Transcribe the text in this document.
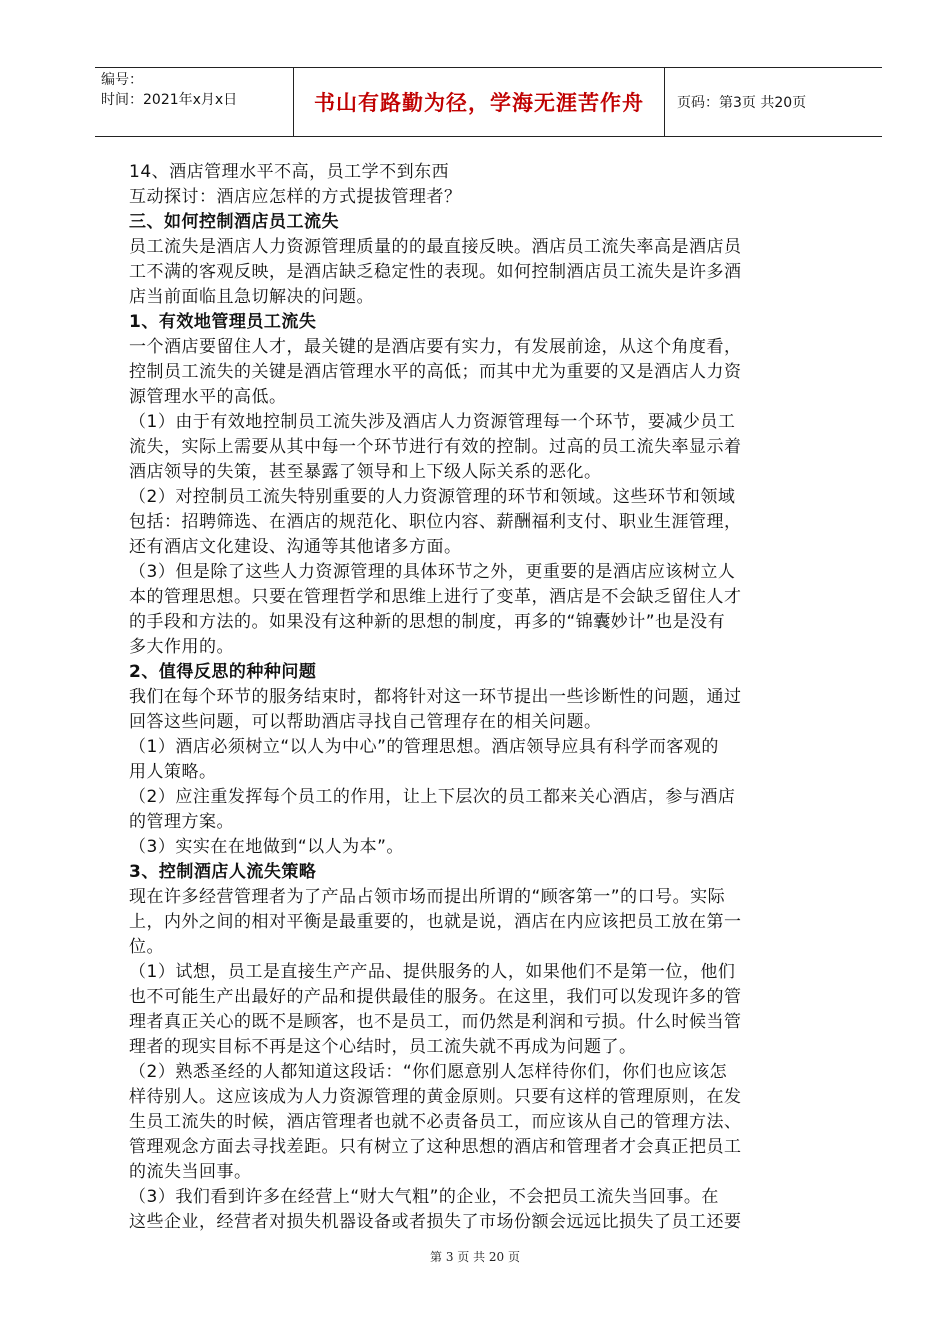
编号：
时间：2021年x月x日	书山有路勤为径，学海无涯苦作舟	页码：第3页 共20页
14、酒店管理水平不高，员工学不到东西
互动探讨：酒店应怎样的方式提拔管理者？
三、如何控制酒店员工流失
员工流失是酒店人力资源管理质量的的最直接反映。酒店员工流失率高是酒店员
工不满的客观反映，是酒店缺乏稳定性的表现。如何控制酒店员工流失是许多酒
店当前面临且急切解决的问题。
1、有效地管理员工流失
一个酒店要留住人才，最关键的是酒店要有实力，有发展前途，从这个角度看，
控制员工流失的关键是酒店管理水平的高低；而其中尤为重要的又是酒店人力资
源管理水平的高低。
（1）由于有效地控制员工流失涉及酒店人力资源管理每一个环节，要减少员工
流失，实际上需要从其中每一个环节进行有效的控制。过高的员工流失率显示着
酒店领导的失策，甚至暴露了领导和上下级人际关系的恶化。
（2）对控制员工流失特别重要的人力资源管理的环节和领域。这些环节和领域
包括：招聘筛选、在酒店的规范化、职位内容、薪酬福利支付、职业生涯管理，
还有酒店文化建设、沟通等其他诸多方面。
（3）但是除了这些人力资源管理的具体环节之外，更重要的是酒店应该树立人
本的管理思想。只要在管理哲学和思维上进行了变革，酒店是不会缺乏留住人才
的手段和方法的。如果没有这种新的思想的制度，再多的“锦囊妙计”也是没有
多大作用的。
2、值得反思的种种问题
我们在每个环节的服务结束时，都将针对这一环节提出一些诊断性的问题，通过
回答这些问题，可以帮助酒店寻找自己管理存在的相关问题。
（1）酒店必须树立“以人为中心”的管理思想。酒店领导应具有科学而客观的
用人策略。
（2）应注重发挥每个员工的作用，让上下层次的员工都来关心酒店，参与酒店
的管理方案。
（3）实实在在地做到“以人为本”。
3、控制酒店人流失策略
现在许多经营管理者为了产品占领市场而提出所谓的“顾客第一”的口号。实际
上，内外之间的相对平衡是最重要的，也就是说，酒店在内应该把员工放在第一
位。
（1）试想，员工是直接生产产品、提供服务的人，如果他们不是第一位，他们
也不可能生产出最好的产品和提供最佳的服务。在这里，我们可以发现许多的管
理者真正关心的既不是顾客，也不是员工，而仍然是利润和亏损。什么时候当管
理者的现实目标不再是这个心结时，员工流失就不再成为问题了。
（2）熟悉圣经的人都知道这段话：“你们愿意别人怎样待你们，你们也应该怎
样待别人。这应该成为人力资源管理的黄金原则。只要有这样的管理原则，在发
生员工流失的时候，酒店管理者也就不必责备员工，而应该从自己的管理方法、
管理观念方面去寻找差距。只有树立了这种思想的酒店和管理者才会真正把员工
的流失当回事。
（3）我们看到许多在经营上“财大气粗”的企业，不会把员工流失当回事。在
这些企业，经营者对损失机器设备或者损失了市场份额会远远比损失了员工还要
第 3 页 共 20 页
